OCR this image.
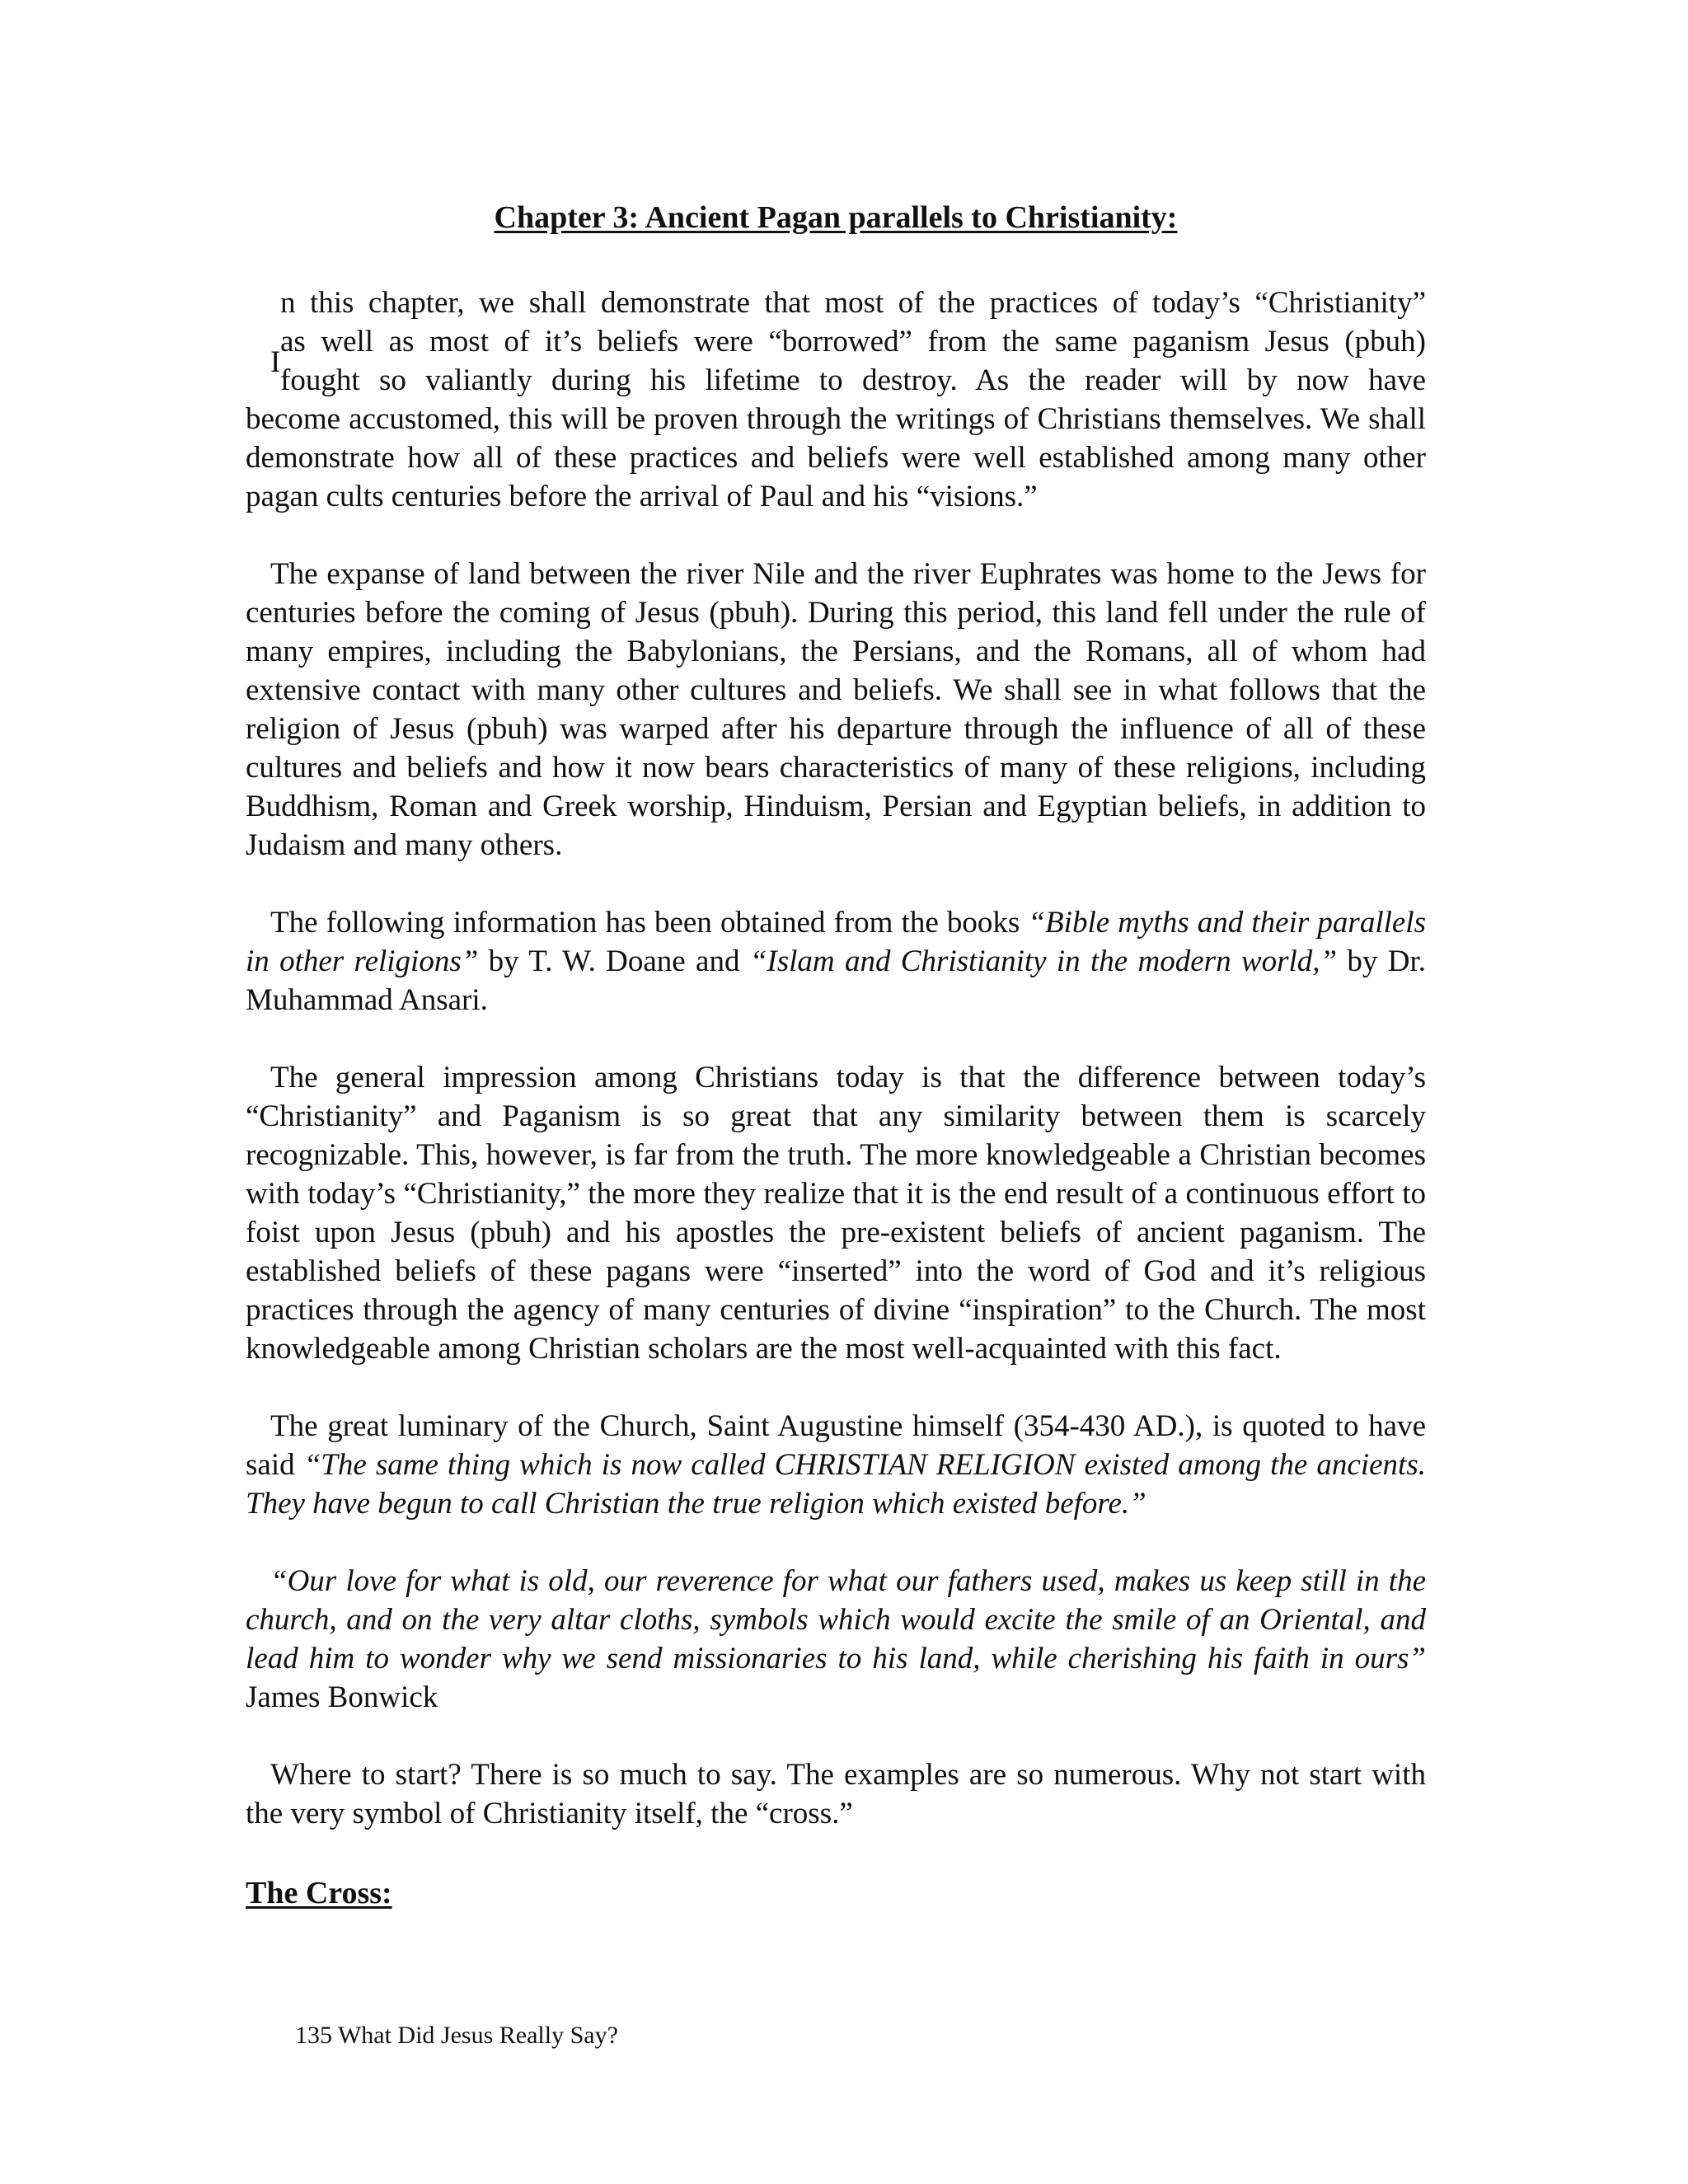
Chapter 3: Ancient Pagan parallels to Christianity:
I
n this chapter, we shall demonstrate that most of the practices of today’s “Christianity”
as well as most of it’s beliefs were “borrowed” from the same paganism Jesus (pbuh)
fought so valiantly during his lifetime to destroy. As the reader will by now have
become accustomed, this will be proven through the writings of Christians themselves. We shall demonstrate how all of these practices and beliefs were well established among many other pagan cults centuries before the arrival of Paul and his “visions.”

The expanse of land between the river Nile and the river Euphrates was home to the Jews for centuries before the coming of Jesus (pbuh). During this period, this land fell under the rule of many empires, including the Babylonians, the Persians, and the Romans, all of whom had extensive contact with many other cultures and beliefs. We shall see in what follows that the religion of Jesus (pbuh) was warped after his departure through the influence of all of these cultures and beliefs and how it now bears characteristics of many of these religions, including Buddhism, Roman and Greek worship, Hinduism, Persian and Egyptian beliefs, in addition to Judaism and many others.

The following information has been obtained from the books “Bible myths and their parallels in other religions” by T. W. Doane and “Islam and Christianity in the modern world,” by Dr. Muhammad Ansari.

The general impression among Christians today is that the difference between today’s “Christianity” and Paganism is so great that any similarity between them is scarcely recognizable. This, however, is far from the truth. The more knowledgeable a Christian becomes with today’s “Christianity,” the more they realize that it is the end result of a continuous effort to foist upon Jesus (pbuh) and his apostles the pre-existent beliefs of ancient paganism. The established beliefs of these pagans were “inserted” into the word of God and it’s religious practices through the agency of many centuries of divine “inspiration” to the Church. The most knowledgeable among Christian scholars are the most well-acquainted with this fact.

The great luminary of the Church, Saint Augustine himself (354-430 AD.), is quoted to have said “The same thing which is now called CHRISTIAN RELIGION existed among the ancients. They have begun to call Christian the true religion which existed before.”

“Our love for what is old, our reverence for what our fathers used, makes us keep still in the church, and on the very altar cloths, symbols which would excite the smile of an Oriental, and lead him to wonder why we send missionaries to his land, while cherishing his faith in ours” James Bonwick

Where to start? There is so much to say. The examples are so numerous. Why not start with the very symbol of Christianity itself, the “cross.”

The Cross:
135 What Did Jesus Really Say?
